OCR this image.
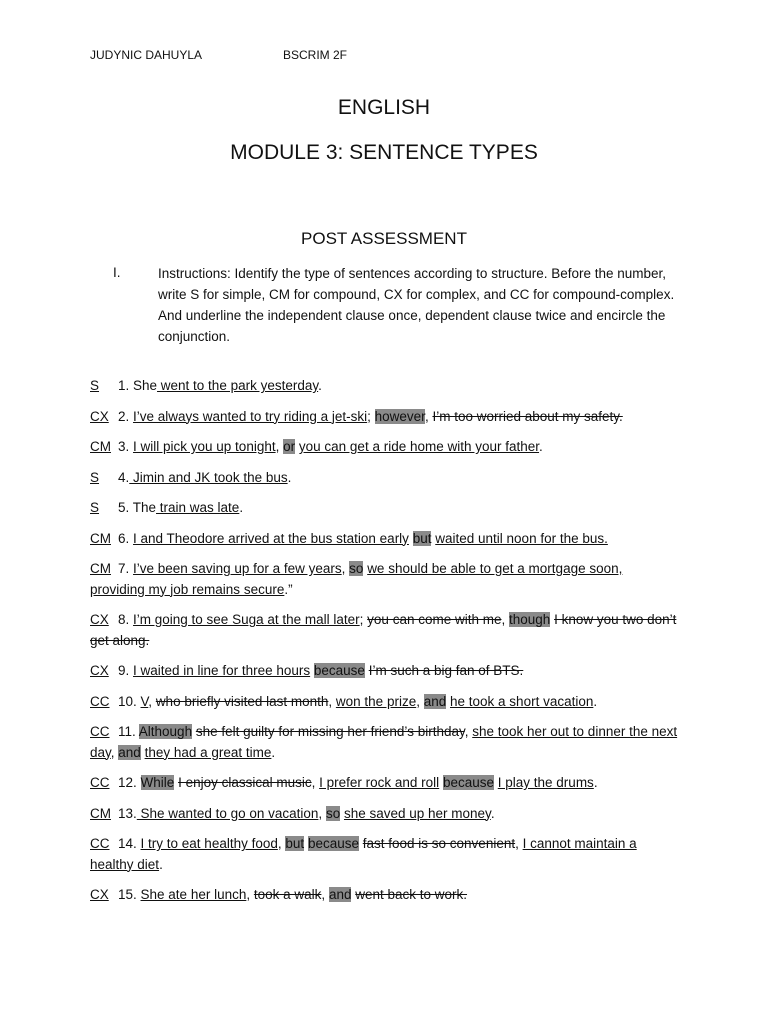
JUDYNIC DAHUYLA	BSCRIM 2F
ENGLISH
MODULE 3: SENTENCE TYPES
POST ASSESSMENT
I.	Instructions: Identify the type of sentences according to structure. Before the number, write S for simple, CM for compound, CX for complex, and CC for compound-complex. And underline the independent clause once, dependent clause twice and encircle the conjunction.
S 1. She went to the park yesterday.
CX 2. I’ve always wanted to try riding a jet-ski; however, I’m too worried about my safety.
CM 3. I will pick you up tonight, or you can get a ride home with your father.
S 4. Jimin and JK took the bus.
S 5. The train was late.
CM 6. I and Theodore arrived at the bus station early but waited until noon for the bus.
CM 7. I’ve been saving up for a few years, so we should be able to get a mortgage soon, providing my job remains secure.”
CX 8. I’m going to see Suga at the mall later; you can come with me, though I know you two don’t get along.
CX 9. I waited in line for three hours because I’m such a big fan of BTS.
CC 10. V, who briefly visited last month, won the prize, and he took a short vacation.
CC 11. Although she felt guilty for missing her friend’s birthday, she took her out to dinner the next day, and they had a great time.
CC 12. While I enjoy classical music, I prefer rock and roll because I play the drums.
CM 13. She wanted to go on vacation, so she saved up her money.
CC 14. I try to eat healthy food, but because fast food is so convenient, I cannot maintain a healthy diet.
CX 15. She ate her lunch, took a walk, and went back to work.
